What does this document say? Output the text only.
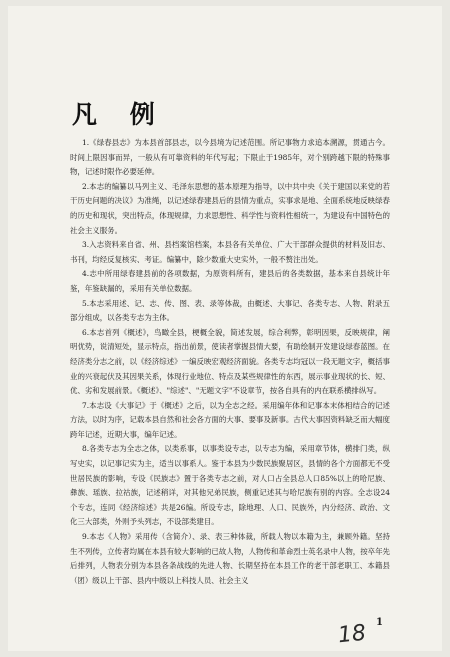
凡 例

1.《绿春县志》为本县首部县志，以今县境为记述范围。所记事物力求追本溯源，贯通古今。时间上限因事而异，一般从有可靠资料的年代写起；下限止于1985年，对个别跨越下限的特殊事物，记述时限作必要延伸。

2.本志的编纂以马列主义、毛泽东思想的基本原理为指导，以中共中央《关于建国以来党的若干历史问题的决议》为准绳，以记述绿春建县后的县情为重点，实事求是地、全面系统地反映绿春的历史和现状，突出特点，体现规律，力求思想性、科学性与资料性相统一，为建设有中国特色的社会主义服务。

3.入志资料来自省、州、县档案馆档案，本县各有关单位、广大干部群众提供的材料及旧志、书刊，均经反复核实、考证。编纂中，除少数重大史实外，一般不赘注出处。

4.志中所用绿春建县前的各项数据，为原资料所有，建县后的各类数据，基本来自县统计年鉴，年鉴缺漏的，采用有关单位数据。

5.本志采用述、记、志、传、图、表、录等体裁，由概述、大事记、各类专志、人物、附录五部分组成，以各类专志为主体。

6.本志首列《概述》，鸟瞰全县，梗概全貌，简述发展，综合利弊，彰明因果，反映规律，阐明优势，说清短处，显示特点，指出前景，使读者掌握县情大要，有助绘制开发建设绿春蓝图。在经济类分志之前，以《经济综述》一编反映宏观经济面貌。各类专志均冠以一段无题文字，概括事业的兴衰起伏及其因果关系，体现行业地位、特点及某些规律性的东西，展示事业现状的长、短、优、劣和发展前景。《概述》、"综述"、"无题文字"不设章节，按各自具有的内在联系横排纵写。

7.本志设《大事记》于《概述》之后，以为全志之经。采用编年体和记事本末体相结合的记述方法，以时为序，记载本县自然和社会各方面的大事、要事及新事。古代大事因资料缺乏而大幅度跨年记述，近期大事，编年记述。

8.各类专志为全志之体，以类系事，以事类设专志，以专志为编，采用章节体，横排门类，纵写史实，以记事记实为主，适当以事系人。鉴于本县为少数民族聚居区，县情的各个方面都无不受世居民族的影响，专设《民族志》置于各类专志之前，对人口占全县总人口85%以上的哈尼族、彝族、瑶族、拉祜族，记述稍详，对其他兄弟民族，侧重记述其与哈尼族有别的内容。全志设24个专志，连同《经济综述》共是26编。所设专志，除地理、人口、民族外，内分经济、政治、文化三大部类，外则予头列志，不设部类建目。

9.本志《人物》采用传（含简介）、录、表三种体裁，所载人物以本籍为主，兼顾外籍。坚持生不列传，立传者均属在本县有较大影响的已故人物，人物传和革命烈士英名录中人物，按卒年先后排列，人物表分别为本县各条战线的先进人物、长期坚持在本县工作的老干部老职工、本籍县（团）级以上干部、县内中级以上科技人员、社会主义

1
18
